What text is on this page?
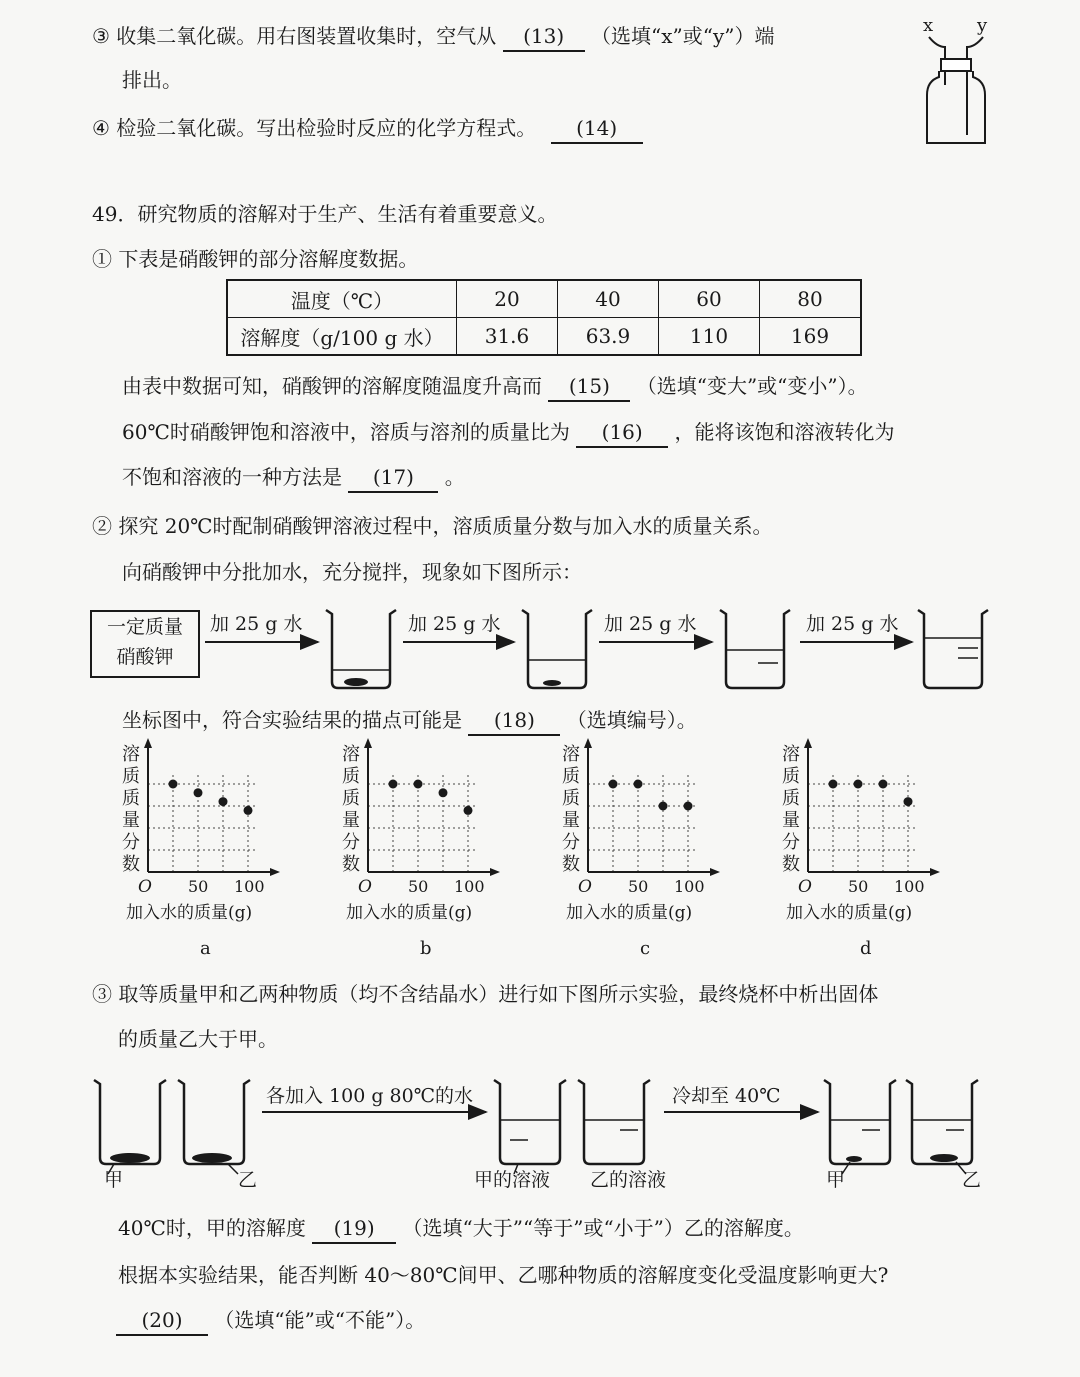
③ 收集二氧化碳。用右图装置收集时，空气从 (13) （选填“x”或“y”）端
排出。
x y
④ 检验二氧化碳。写出检验时反应的化学方程式。 (14)
49．研究物质的溶解对于生产、生活有着重要意义。
① 下表是硝酸钾的部分溶解度数据。
温度（℃）	20	40	60	80
溶解度（g/100 g 水）	31.6	63.9	110	169
由表中数据可知，硝酸钾的溶解度随温度升高而 (15) （选填“变大”或“变小”）。
60℃时硝酸钾饱和溶液中，溶质与溶剂的质量比为 (16) ，能将该饱和溶液转化为
不饱和溶液的一种方法是 (17) 。
② 探究 20℃时配制硝酸钾溶液过程中，溶质质量分数与加入水的质量关系。
向硝酸钾中分批加水，充分搅拌，现象如下图所示：
一定质量
硝酸钾
加 25 g 水	加 25 g 水	加 25 g 水	加 25 g 水
坐标图中，符合实验结果的描点可能是 (18) （选填编号）。
溶
质
质
量
分
数
O 50 100
加入水的质量(g)
a
溶
质
质
量
分
数
O 50 100
加入水的质量(g)
b
溶
质
质
量
分
数
O 50 100
加入水的质量(g)
c
溶
质
质
量
分
数
O 50 100
加入水的质量(g)
d
③ 取等质量甲和乙两种物质（均不含结晶水）进行如下图所示实验，最终烧杯中析出固体
的质量乙大于甲。
甲	乙
各加入 100 g 80℃的水
甲的溶液 乙的溶液
冷却至 40℃
甲	乙
40℃时，甲的溶解度 (19) （选填“大于”“等于”或“小于”）乙的溶解度。
根据本实验结果，能否判断 40～80℃间甲、乙哪种物质的溶解度变化受温度影响更大?
(20) （选填“能”或“不能”）。
